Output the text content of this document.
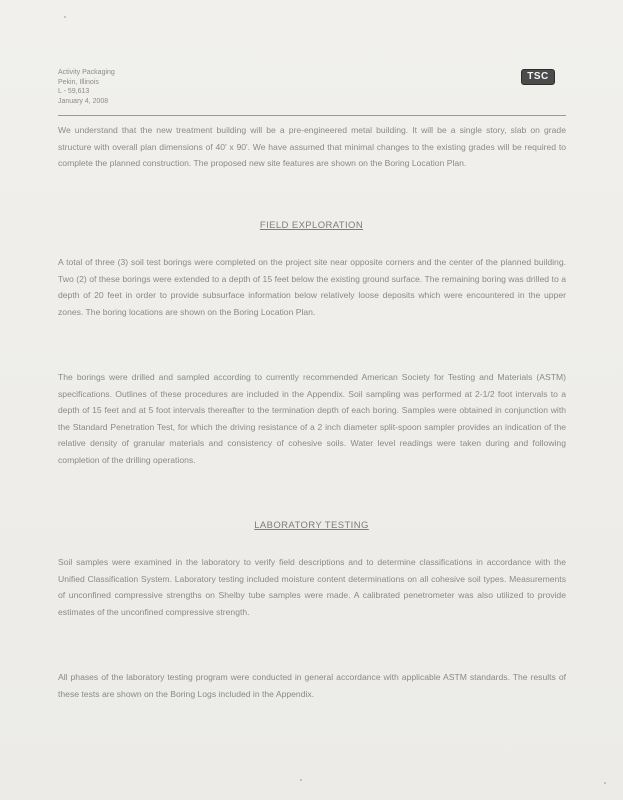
Activity Packaging
Pekin, Illinois
L - 59,613
January 4, 2008
TSC

We understand that the new treatment building will be a pre-engineered metal building. It will be a single story, slab on grade structure with overall plan dimensions of 40' x 90'. We have assumed that minimal changes to the existing grades will be required to complete the planned construction. The proposed new site features are shown on the Boring Location Plan.

FIELD EXPLORATION

A total of three (3) soil test borings were completed on the project site near opposite corners and the center of the planned building. Two (2) of these borings were extended to a depth of 15 feet below the existing ground surface. The remaining boring was drilled to a depth of 20 feet in order to provide subsurface information below relatively loose deposits which were encountered in the upper zones. The boring locations are shown on the Boring Location Plan.

The borings were drilled and sampled according to currently recommended American Society for Testing and Materials (ASTM) specifications. Outlines of these procedures are included in the Appendix. Soil sampling was performed at 2-1/2 foot intervals to a depth of 15 feet and at 5 foot intervals thereafter to the termination depth of each boring. Samples were obtained in conjunction with the Standard Penetration Test, for which the driving resistance of a 2 inch diameter split-spoon sampler provides an indication of the relative density of granular materials and consistency of cohesive soils. Water level readings were taken during and following completion of the drilling operations.

LABORATORY TESTING

Soil samples were examined in the laboratory to verify field descriptions and to determine classifications in accordance with the Unified Classification System. Laboratory testing included moisture content determinations on all cohesive soil types. Measurements of unconfined compressive strengths on Shelby tube samples were made. A calibrated penetrometer was also utilized to provide estimates of the unconfined compressive strength.

All phases of the laboratory testing program were conducted in general accordance with applicable ASTM standards. The results of these tests are shown on the Boring Logs included in the Appendix.
